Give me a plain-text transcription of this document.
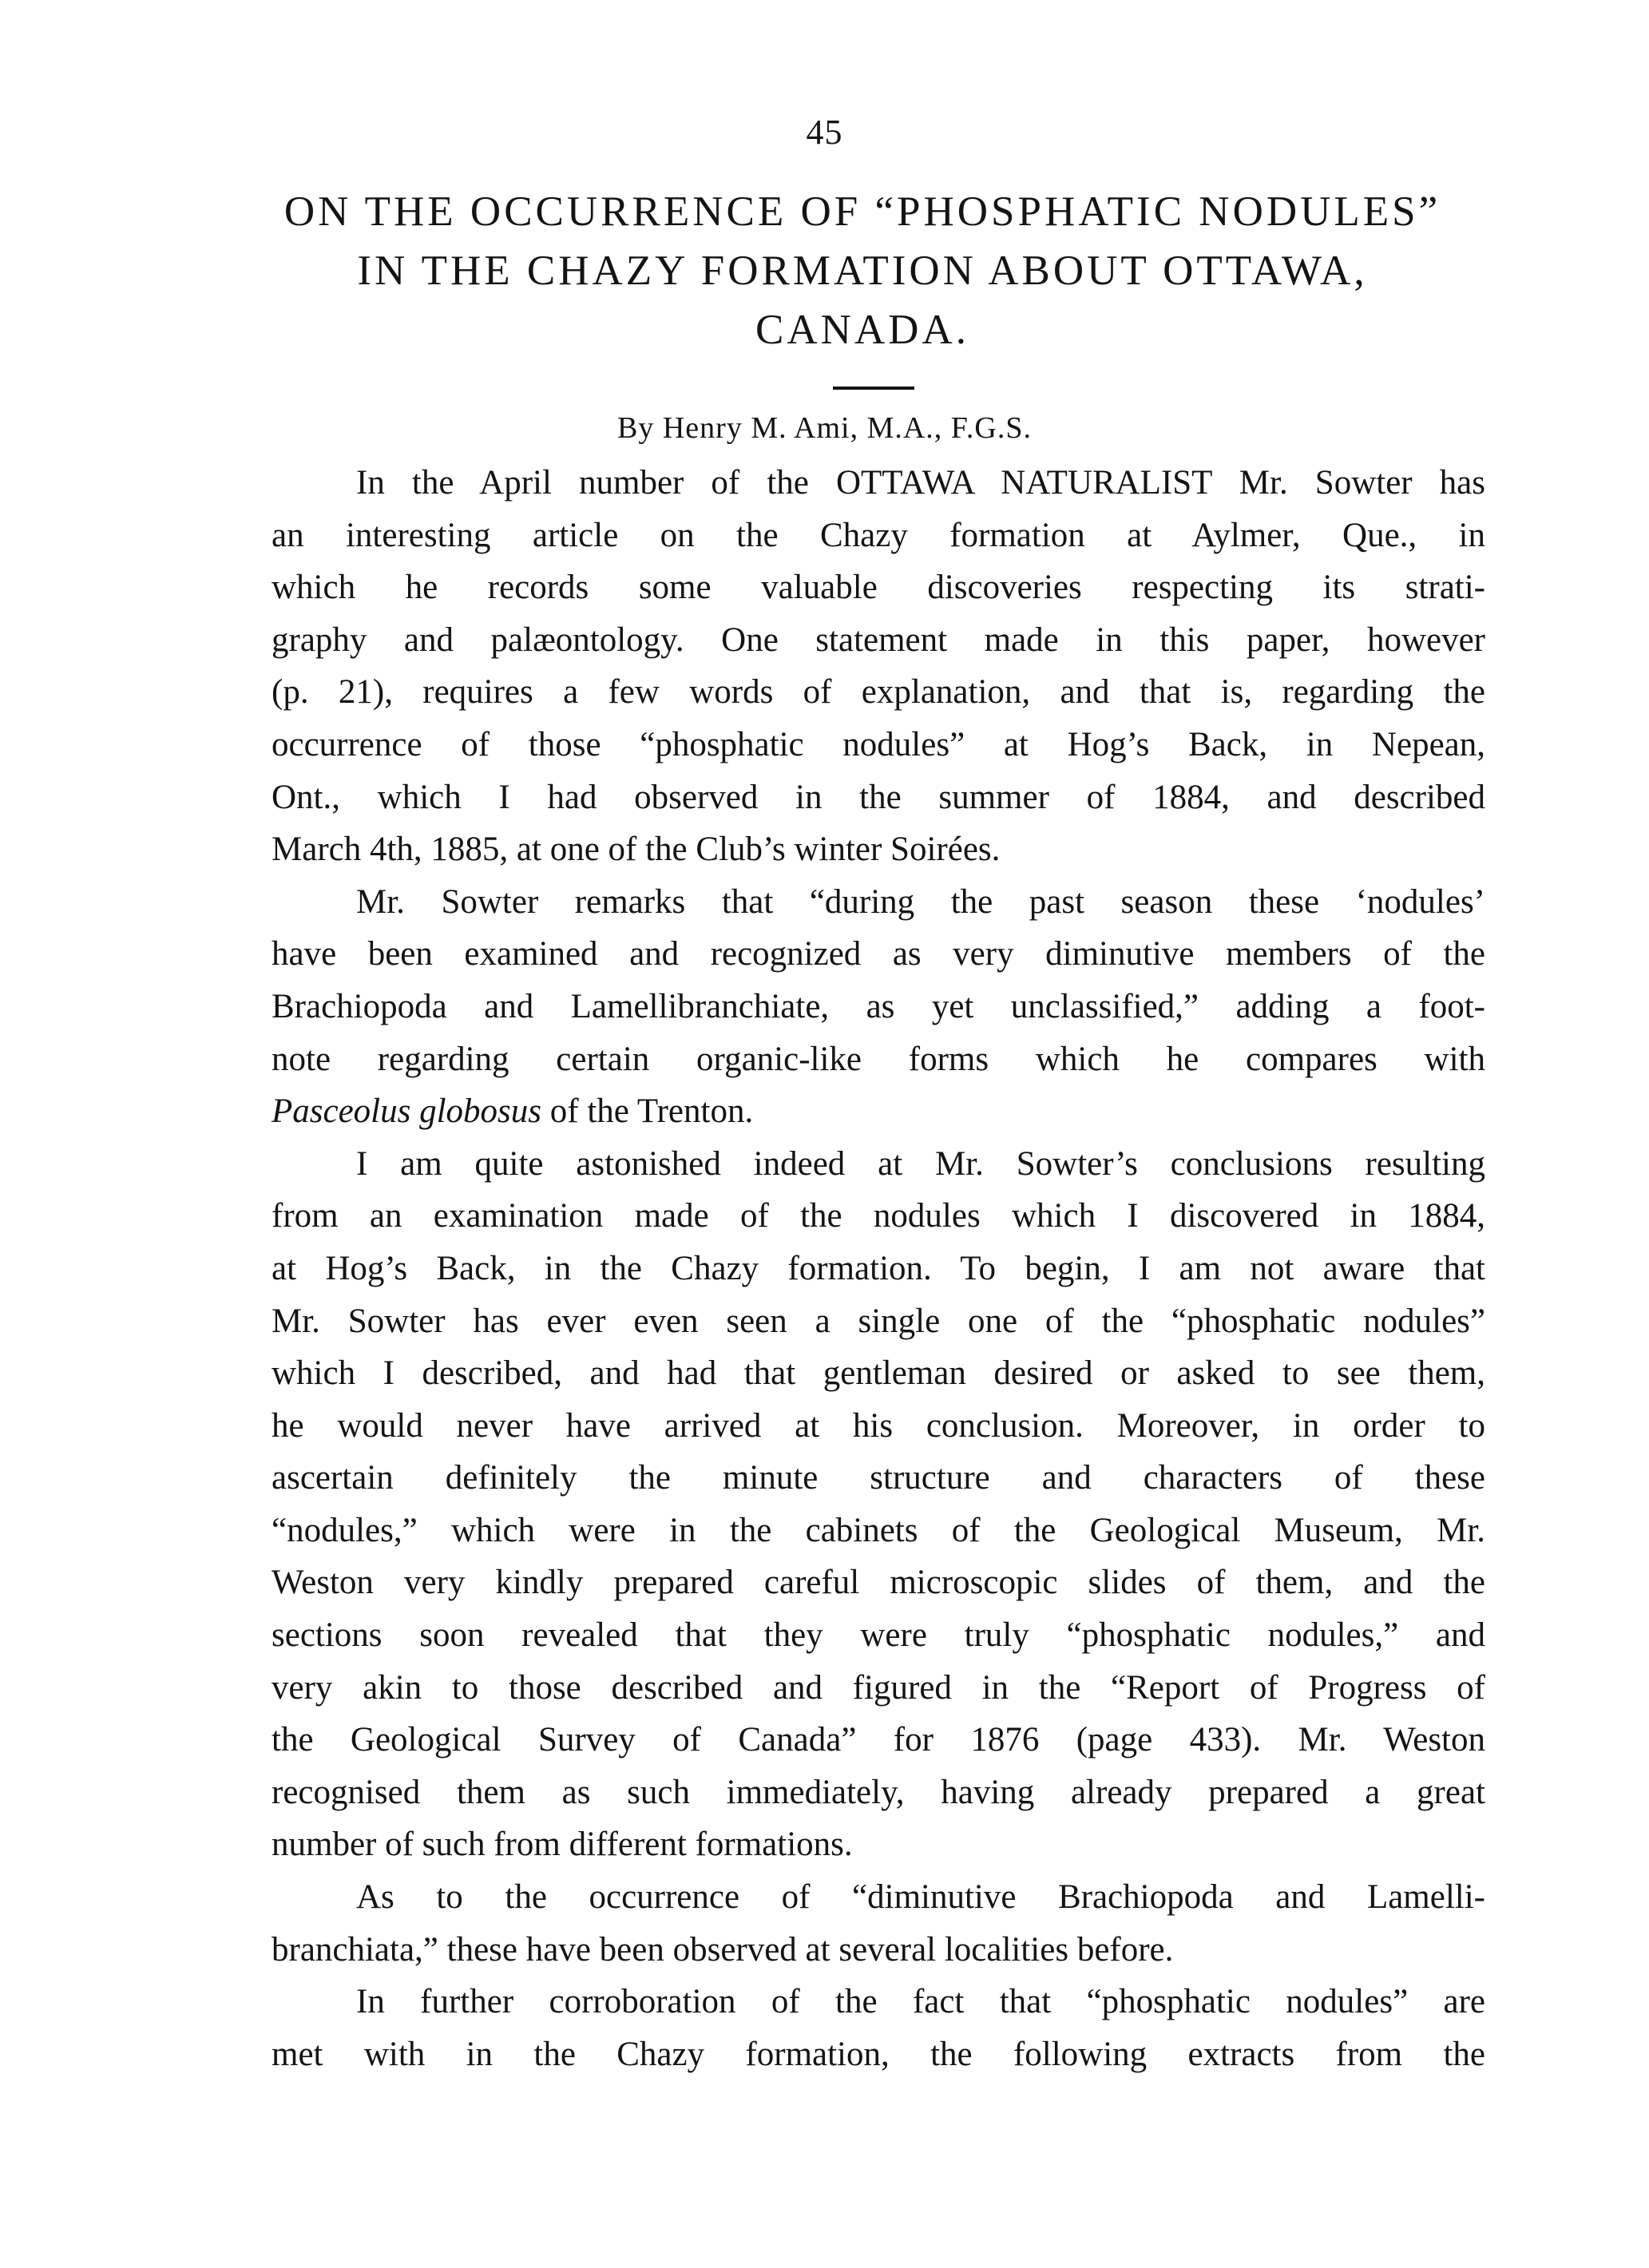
45
ON THE OCCURRENCE OF “PHOSPHATIC NODULES”
IN THE CHAZY FORMATION ABOUT OTTAWA,
CANADA.
By Henry M. Ami, M.A., F.G.S.

In the April number of the OTTAWA NATURALIST Mr. Sowter has
an interesting article on the Chazy formation at Aylmer, Que., in
which he records some valuable discoveries respecting its strati-
graphy and palæontology. One statement made in this paper, however
(p. 21), requires a few words of explanation, and that is, regarding the
occurrence of those “phosphatic nodules” at Hog’s Back, in Nepean,
Ont., which I had observed in the summer of 1884, and described
March 4th, 1885, at one of the Club’s winter Soirées.

Mr. Sowter remarks that “during the past season these ‘nodules’
have been examined and recognized as very diminutive members of the
Brachiopoda and Lamellibranchiate, as yet unclassified,” adding a foot-
note regarding certain organic-like forms which he compares with
Pasceolus globosus of the Trenton.

I am quite astonished indeed at Mr. Sowter’s conclusions resulting
from an examination made of the nodules which I discovered in 1884,
at Hog’s Back, in the Chazy formation. To begin, I am not aware that
Mr. Sowter has ever even seen a single one of the “phosphatic nodules”
which I described, and had that gentleman desired or asked to see them,
he would never have arrived at his conclusion. Moreover, in order to
ascertain definitely the minute structure and characters of these
“nodules,” which were in the cabinets of the Geological Museum, Mr.
Weston very kindly prepared careful microscopic slides of them, and the
sections soon revealed that they were truly “phosphatic nodules,” and
very akin to those described and figured in the “Report of Progress of
the Geological Survey of Canada” for 1876 (page 433). Mr. Weston
recognised them as such immediately, having already prepared a great
number of such from different formations.

As to the occurrence of “diminutive Brachiopoda and Lamelli-
branchiata,” these have been observed at several localities before.

In further corroboration of the fact that “phosphatic nodules” are
met with in the Chazy formation, the following extracts from the
